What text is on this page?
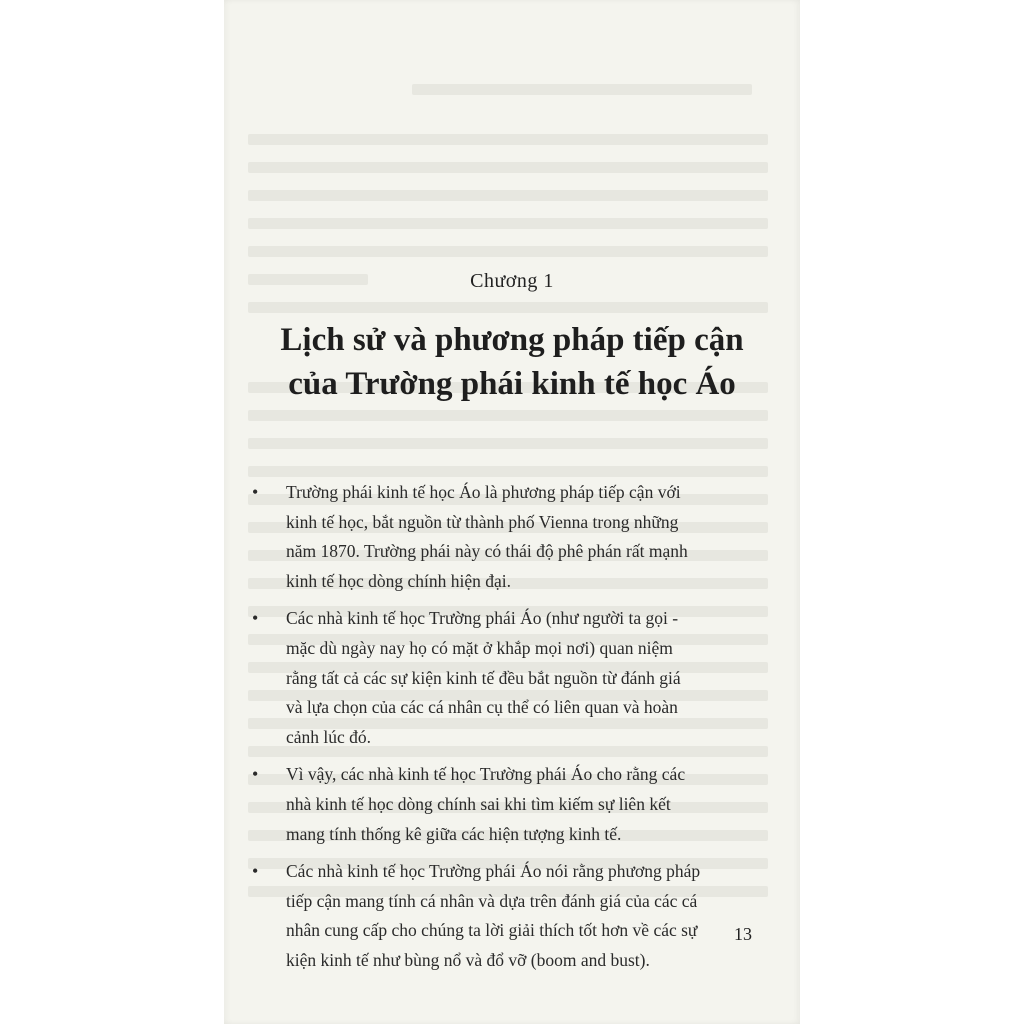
Chương 1
Lịch sử và phương pháp tiếp cận
của Trường phái kinh tế học Áo
• Trường phái kinh tế học Áo là phương pháp tiếp cận với
kinh tế học, bắt nguồn từ thành phố Vienna trong những
năm 1870. Trường phái này có thái độ phê phán rất mạnh
kinh tế học dòng chính hiện đại.
• Các nhà kinh tế học Trường phái Áo (như người ta gọi -
mặc dù ngày nay họ có mặt ở khắp mọi nơi) quan niệm
rằng tất cả các sự kiện kinh tế đều bắt nguồn từ đánh giá
và lựa chọn của các cá nhân cụ thể có liên quan và hoàn
cảnh lúc đó.
• Vì vậy, các nhà kinh tế học Trường phái Áo cho rằng các
nhà kinh tế học dòng chính sai khi tìm kiếm sự liên kết
mang tính thống kê giữa các hiện tượng kinh tế.
• Các nhà kinh tế học Trường phái Áo nói rằng phương pháp
tiếp cận mang tính cá nhân và dựa trên đánh giá của các cá
nhân cung cấp cho chúng ta lời giải thích tốt hơn về các sự
kiện kinh tế như bùng nổ và đổ vỡ (boom and bust).
13
